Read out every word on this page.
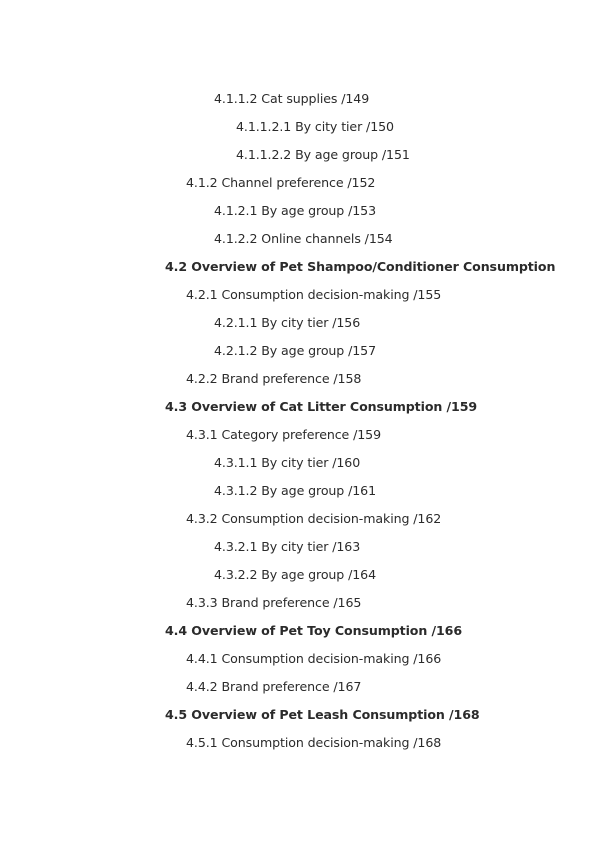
4.1.1.2 Cat supplies /149
4.1.1.2.1 By city tier /150
4.1.1.2.2 By age group /151
4.1.2 Channel preference /152
4.1.2.1 By age group /153
4.1.2.2 Online channels /154
4.2 Overview of Pet Shampoo/Conditioner Consumption
4.2.1 Consumption decision-making /155
4.2.1.1 By city tier /156
4.2.1.2 By age group /157
4.2.2 Brand preference /158
4.3 Overview of Cat Litter Consumption /159
4.3.1 Category preference /159
4.3.1.1 By city tier /160
4.3.1.2 By age group /161
4.3.2 Consumption decision-making /162
4.3.2.1 By city tier /163
4.3.2.2 By age group /164
4.3.3 Brand preference /165
4.4 Overview of Pet Toy Consumption /166
4.4.1 Consumption decision-making /166
4.4.2 Brand preference /167
4.5 Overview of Pet Leash Consumption /168
4.5.1 Consumption decision-making /168
